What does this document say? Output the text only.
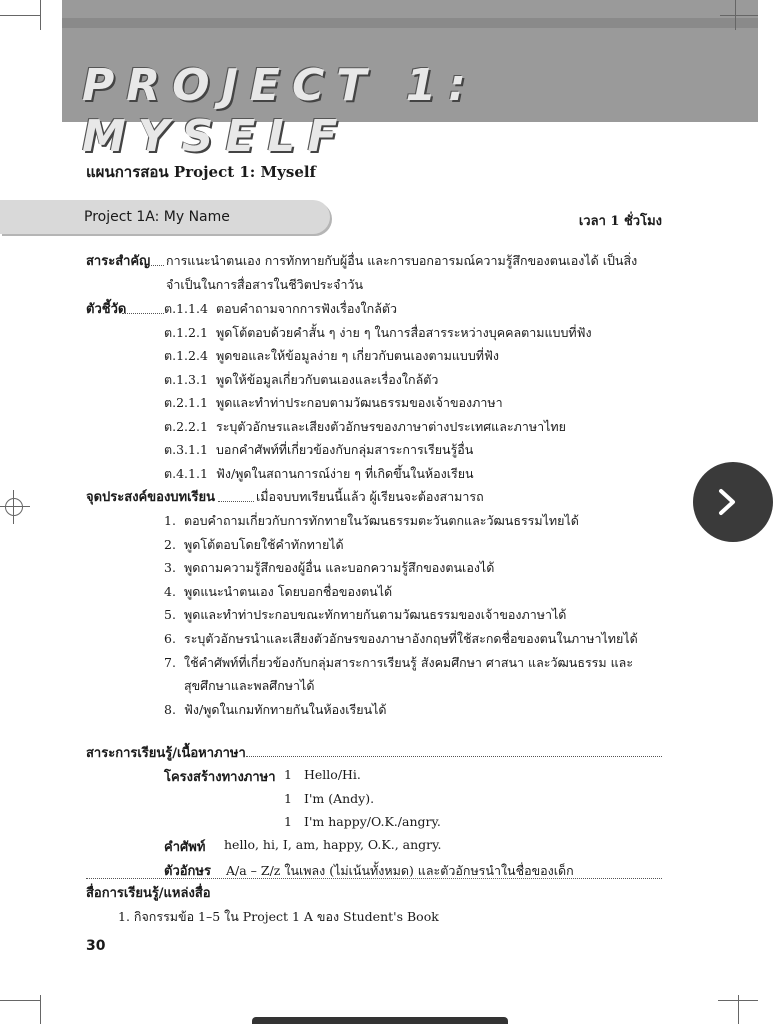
PROJECT 1: MYSELF
แผนการสอน Project 1: Myself
Project 1A: My Name	เวลา 1 ชั่วโมง
สาระสำคัญ การแนะนำตนเอง การทักทายกับผู้อื่น และการบอกอารมณ์ความรู้สึกของตนเองได้ เป็นสิ่ง
จำเป็นในการสื่อสารในชีวิตประจำวัน
ตัวชี้วัด	ต.1.1.4 ตอบคำถามจากการฟังเรื่องใกล้ตัว
ต.1.2.1 พูดโต้ตอบด้วยคำสั้น ๆ ง่าย ๆ ในการสื่อสารระหว่างบุคคลตามแบบที่ฟัง
ต.1.2.4 พูดขอและให้ข้อมูลง่าย ๆ เกี่ยวกับตนเองตามแบบที่ฟัง
ต.1.3.1 พูดให้ข้อมูลเกี่ยวกับตนเองและเรื่องใกล้ตัว
ต.2.1.1 พูดและทำท่าประกอบตามวัฒนธรรมของเจ้าของภาษา
ต.2.2.1 ระบุตัวอักษรและเสียงตัวอักษรของภาษาต่างประเทศและภาษาไทย
ต.3.1.1 บอกคำศัพท์ที่เกี่ยวข้องกับกลุ่มสาระการเรียนรู้อื่น
ต.4.1.1 ฟัง/พูดในสถานการณ์ง่าย ๆ ที่เกิดขึ้นในห้องเรียน
จุดประสงค์ของบทเรียน	เมื่อจบบทเรียนนี้แล้ว ผู้เรียนจะต้องสามารถ
1. ตอบคำถามเกี่ยวกับการทักทายในวัฒนธรรมตะวันตกและวัฒนธรรมไทยได้
2. พูดโต้ตอบโดยใช้คำทักทายได้
3. พูดถามความรู้สึกของผู้อื่น และบอกความรู้สึกของตนเองได้
4. พูดแนะนำตนเอง โดยบอกชื่อของตนได้
5. พูดและทำท่าประกอบขณะทักทายกันตามวัฒนธรรมของเจ้าของภาษาได้
6. ระบุตัวอักษรนำและเสียงตัวอักษรของภาษาอังกฤษที่ใช้สะกดชื่อของตนในภาษาไทยได้
7. ใช้คำศัพท์ที่เกี่ยวข้องกับกลุ่มสาระการเรียนรู้ สังคมศึกษา ศาสนา และวัฒนธรรม และ
สุขศึกษาและพลศึกษาได้
8. ฟัง/พูดในเกมทักทายกันในห้องเรียนได้
สาระการเรียนรู้/เนื้อหาภาษา
โครงสร้างทางภาษา 1 Hello/Hi.
1 I'm (Andy).
1 I'm happy/O.K./angry.
คำศัพท์ hello, hi, I, am, happy, O.K., angry.
ตัวอักษร A/a – Z/z ในเพลง (ไม่เน้นทั้งหมด) และตัวอักษรนำในชื่อของเด็ก
สื่อการเรียนรู้/แหล่งสื่อ
1. กิจกรรมข้อ 1–5 ใน Project 1 A ของ Student's Book
30
